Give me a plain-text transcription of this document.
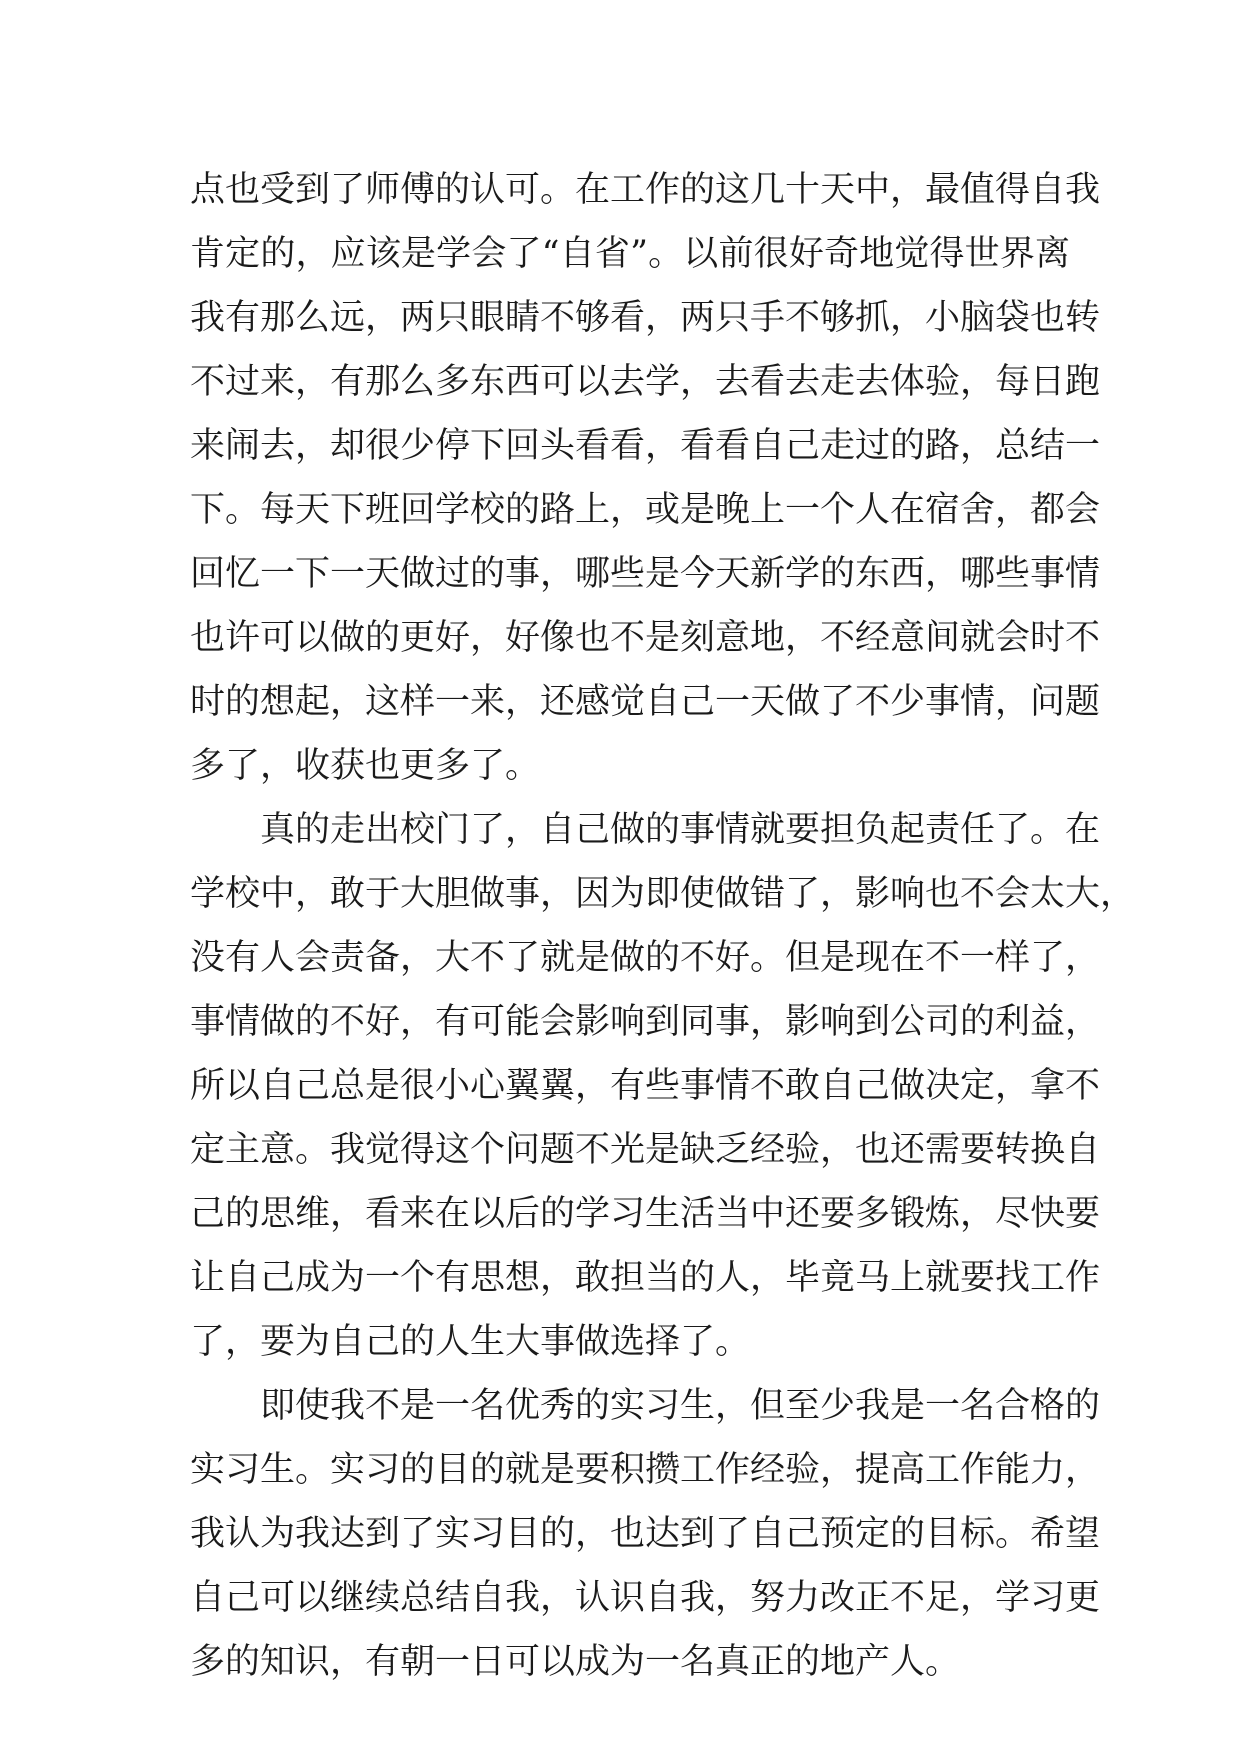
点也受到了师傅的认可。在工作的这几十天中，最值得自我
肯定的，应该是学会了“自省”。以前很好奇地觉得世界离
我有那么远，两只眼睛不够看，两只手不够抓，小脑袋也转
不过来，有那么多东西可以去学，去看去走去体验，每日跑
来闹去，却很少停下回头看看，看看自己走过的路，总结一
下。每天下班回学校的路上，或是晚上一个人在宿舍，都会
回忆一下一天做过的事，哪些是今天新学的东西，哪些事情
也许可以做的更好，好像也不是刻意地，不经意间就会时不
时的想起，这样一来，还感觉自己一天做了不少事情，问题
多了，收获也更多了。
真的走出校门了，自己做的事情就要担负起责任了。在
学校中，敢于大胆做事，因为即使做错了，影响也不会太大，
没有人会责备，大不了就是做的不好。但是现在不一样了，
事情做的不好，有可能会影响到同事，影响到公司的利益，
所以自己总是很小心翼翼，有些事情不敢自己做决定，拿不
定主意。我觉得这个问题不光是缺乏经验，也还需要转换自
己的思维，看来在以后的学习生活当中还要多锻炼，尽快要
让自己成为一个有思想，敢担当的人，毕竟马上就要找工作
了，要为自己的人生大事做选择了。
即使我不是一名优秀的实习生，但至少我是一名合格的
实习生。实习的目的就是要积攒工作经验，提高工作能力，
我认为我达到了实习目的，也达到了自己预定的目标。希望
自己可以继续总结自我，认识自我，努力改正不足，学习更
多的知识，有朝一日可以成为一名真正的地产人。
